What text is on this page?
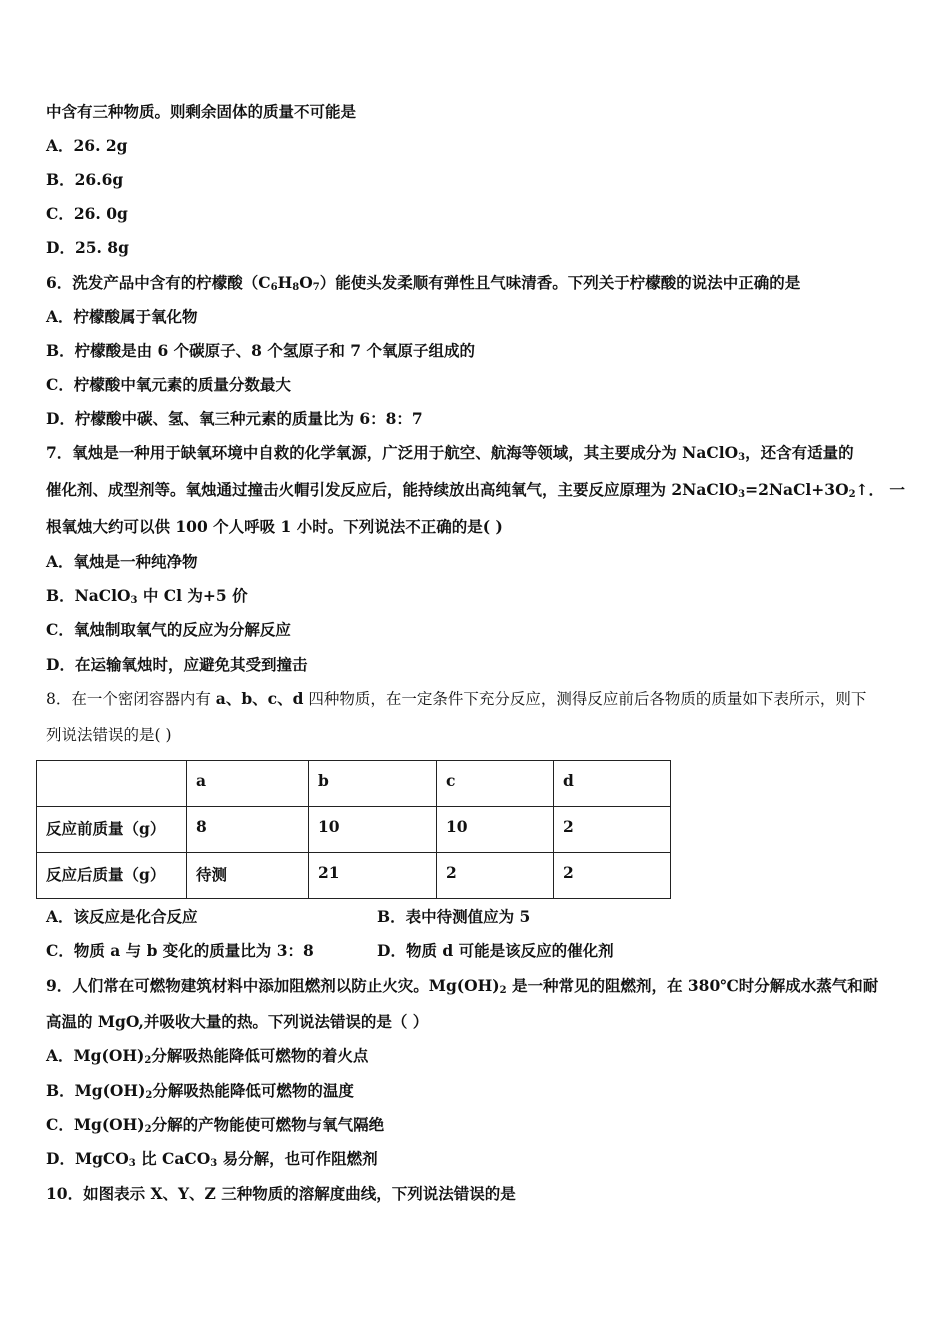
中含有三种物质。则剩余固体的质量不可能是
A．26. 2g
B．26.6g
C．26. 0g
D．25. 8g
6．洗发产品中含有的柠檬酸$(C_6H_8O_7)$能使头发柔顺有弹性且气味清香。下列关于柠檬酸的说法中正确的是
A．柠檬酸属于氧化物
B．柠檬酸是由 6 个碳原子、8 个氢原子和 7 个氧原子组成的
C．柠檬酸中氧元素的质量分数最大
D．柠檬酸中碳、氢、氧三种元素的质量比为 6：8：7
7．氧烛是一种用于缺氧环境中自救的化学氧源，广泛用于航空、航海等领域，其主要成分为 NaClO$_3$，还含有适量的
催化剂、成型剂等。氧烛通过撞击火帽引发反应后，能持续放出高纯氧气，主要反应原理为 $2NaClO_3=2NaCl+3O_2↑$． 一
根氧烛大约可以供 100 个人呼吸 1 小时。下列说法不正确的是( )
A．氧烛是一种纯净物
B．NaClO$_3$ 中 Cl 为+5 价
C．氧烛制取氧气的反应为分解反应
D．在运输氧烛时，应避免其受到撞击
8．在一个密闭容器内有 a、b、c、d 四种物质，在一定条件下充分反应，测得反应前后各物质的质量如下表所示，则下
列说法错误的是( )
	a	b	c	d
反应前质量（g）	8	10	10	2
反应后质量（g）	待测	21	2	2
A．该反应是化合反应	B．表中待测值应为 5
C．物质 a 与 b 变化的质量比为 3：8	D．物质 d 可能是该反应的催化剂
9．人们常在可燃物建筑材料中添加阻燃剂以防止火灾。$Mg(OH)_2$ 是一种常见的阻燃剂，在 380℃时分解成水蒸气和耐
高温的 MgO,并吸收大量的热。下列说法错误的是（ ）
A．$Mg(OH)_2$分解吸热能降低可燃物的着火点
B．$Mg(OH)_2$分解吸热能降低可燃物的温度
C．$Mg(OH)_2$分解的产物能使可燃物与氧气隔绝
D．MgCO$_3$ 比 CaCO$_3$ 易分解，也可作阻燃剂
10．如图表示 X、Y、Z 三种物质的溶解度曲线，下列说法错误的是
